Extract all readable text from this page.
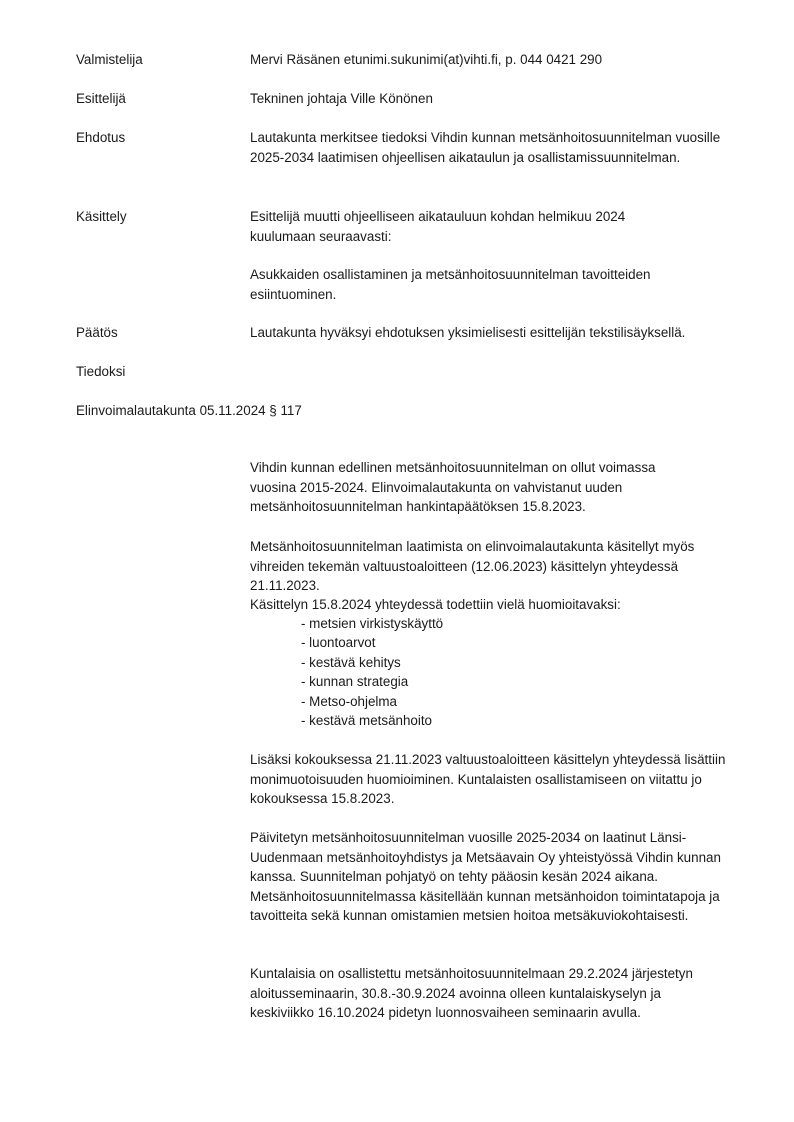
Valmistelija	Mervi Räsänen etunimi.sukunimi(at)vihti.fi, p. 044 0421 290

Esittelijä	Tekninen johtaja Ville Könönen

Ehdotus	Lautakunta merkitsee tiedoksi Vihdin kunnan metsänhoitosuunnitelman vuosille 2025-2034 laatimisen ohjeellisen aikataulun ja osallistamissuunnitelman.

Käsittely	Esittelijä muutti ohjeelliseen aikatauluun kohdan helmikuu 2024 kuulumaan seuraavasti:

Asukkaiden osallistaminen ja metsänhoitosuunnitelman tavoitteiden esiintuominen.

Päätös	Lautakunta hyväksyi ehdotuksen yksimielisesti esittelijän tekstilisäyksellä.

Tiedoksi

Elinvoimalautakunta 05.11.2024 § 117

Vihdin kunnan edellinen metsänhoitosuunnitelman on ollut voimassa vuosina 2015-2024. Elinvoimalautakunta on vahvistanut uuden metsänhoitosuunnitelman hankintapäätöksen 15.8.2023.

Metsänhoitosuunnitelman laatimista on elinvoimalautakunta käsitellyt myös vihreiden tekemän valtuustoaloitteen (12.06.2023) käsittelyn yhteydessä 21.11.2023.

Käsittelyn 15.8.2024 yhteydessä todettiin vielä huomioitavaksi:

- metsien virkistyskäyttö

- luontoarvot

- kestävä kehitys

- kunnan strategia

- Metso-ohjelma

- kestävä metsänhoito

Lisäksi kokouksessa 21.11.2023 valtuustoaloitteen käsittelyn yhteydessä lisättiin monimuotoisuuden huomioiminen. Kuntalaisten osallistamiseen on viitattu jo kokouksessa 15.8.2023.

Päivitetyn metsänhoitosuunnitelman vuosille 2025-2034 on laatinut Länsi-Uudenmaan metsänhoitoyhdistys ja Metsäavain Oy yhteistyössä Vihdin kunnan kanssa. Suunnitelman pohjatyö on tehty pääosin kesän 2024 aikana. Metsänhoitosuunnitelmassa käsitellään kunnan metsänhoidon toimintatapoja ja tavoitteita sekä kunnan omistamien metsien hoitoa metsäkuviokohtaisesti.

Kuntalaisia on osallistettu metsänhoitosuunnitelmaan 29.2.2024 järjestetyn aloitusseminaarin, 30.8.-30.9.2024 avoinna olleen kuntalaiskyselyn ja keskiviikko 16.10.2024 pidetyn luonnosvaiheen seminaarin avulla.
